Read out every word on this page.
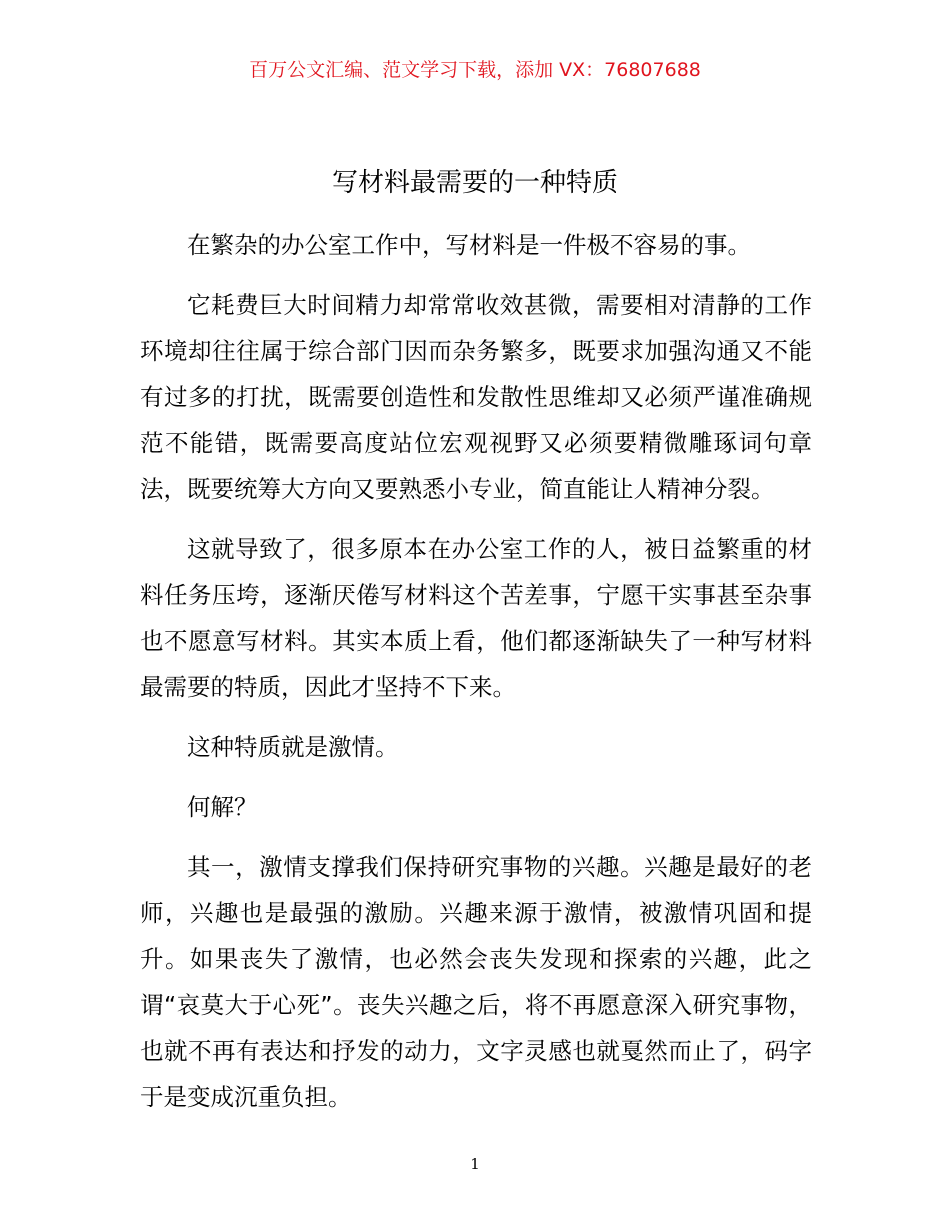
百万公文汇编、范文学习下载，添加 VX：76807688
写材料最需要的一种特质

在繁杂的办公室工作中，写材料是一件极不容易的事。

它耗费巨大时间精力却常常收效甚微，需要相对清静的工作环境却往往属于综合部门因而杂务繁多，既要求加强沟通又不能有过多的打扰，既需要创造性和发散性思维却又必须严谨准确规范不能错，既需要高度站位宏观视野又必须要精微雕琢词句章法，既要统筹大方向又要熟悉小专业，简直能让人精神分裂。

这就导致了，很多原本在办公室工作的人，被日益繁重的材料任务压垮，逐渐厌倦写材料这个苦差事，宁愿干实事甚至杂事也不愿意写材料。其实本质上看，他们都逐渐缺失了一种写材料最需要的特质，因此才坚持不下来。

这种特质就是激情。

何解？

其一，激情支撑我们保持研究事物的兴趣。兴趣是最好的老师，兴趣也是最强的激励。兴趣来源于激情，被激情巩固和提升。如果丧失了激情，也必然会丧失发现和探索的兴趣，此之谓“哀莫大于心死”。丧失兴趣之后，将不再愿意深入研究事物，也就不再有表达和抒发的动力，文字灵感也就戛然而止了，码字于是变成沉重负担。

1
